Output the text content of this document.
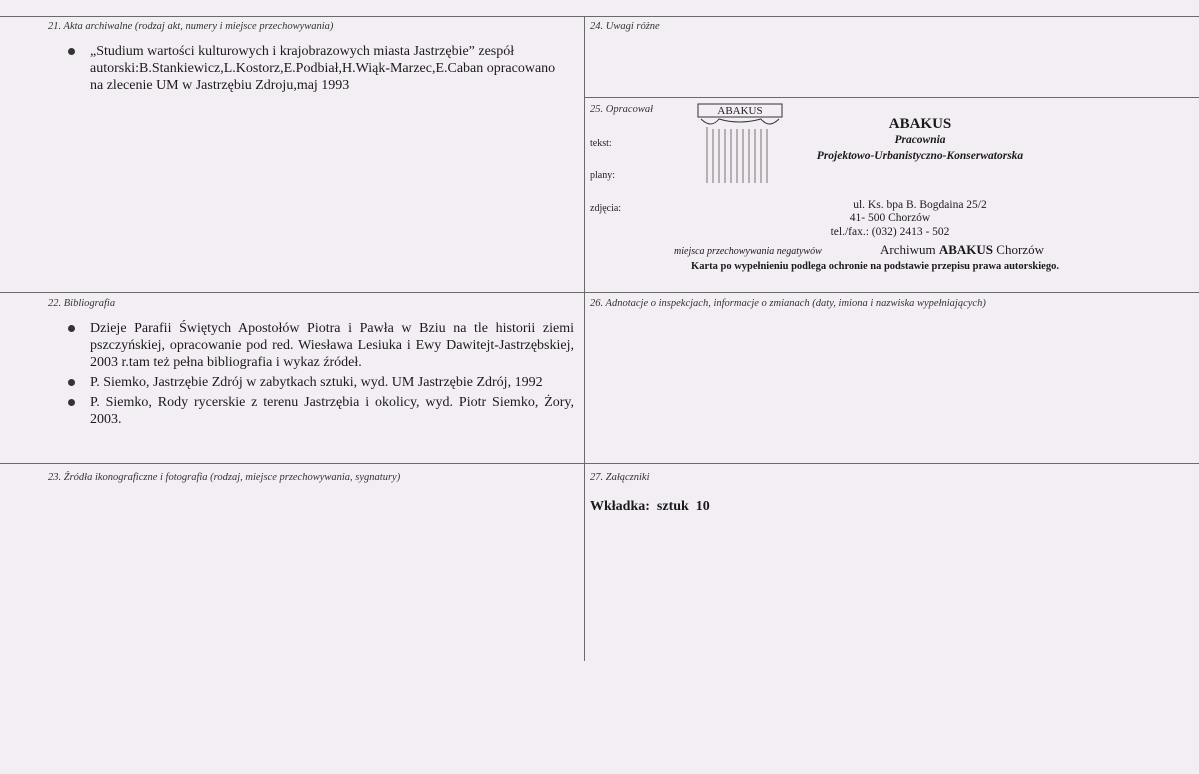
21. Akta archiwalne (rodzaj akt, numery i miejsce przechowywania)
„Studium wartości kulturowych i krajobrazowych miasta Jastrzębie” zespół autorski:B.Stankiewicz,L.Kostorz,E.Podbiał,H.Wiąk-Marzec,E.Caban opracowano na zlecenie UM w Jastrzębiu Zdroju,maj 1993
24. Uwagi różne
25. Opracował
tekst:
plany:
zdjęcia:
ABAKUS
ABAKUS
Pracownia
Projektowo-Urbanistyczno-Konserwatorska
ul. Ks. bpa B. Bogdaina 25/2
41- 500 Chorzów
tel./fax.: (032) 2413 - 502
miejsca przechowywania negatywów	Archiwum ABAKUS Chorzów
Karta po wypełnieniu podlega ochronie na podstawie przepisu prawa autorskiego.
22. Bibliografia
Dzieje Parafii Świętych Apostołów Piotra i Pawła w Bziu na tle historii ziemi pszczyńskiej, opracowanie pod red. Wiesława Lesiuka i Ewy Dawitejt-Jastrzębskiej, 2003 r.tam też pełna bibliografia i wykaz źródeł.
P. Siemko, Jastrzębie Zdrój w zabytkach sztuki, wyd. UM Jastrzębie Zdrój, 1992
P. Siemko, Rody rycerskie z terenu Jastrzębia i okolicy, wyd. Piotr Siemko, Żory, 2003.
26. Adnotacje o inspekcjach, informacje o zmianach (daty, imiona i nazwiska wypełniających)
23. Źródła ikonograficzne i fotografia (rodzaj, miejsce przechowywania, sygnatury)	27. Załączniki
Wkładka:  sztuk  10
